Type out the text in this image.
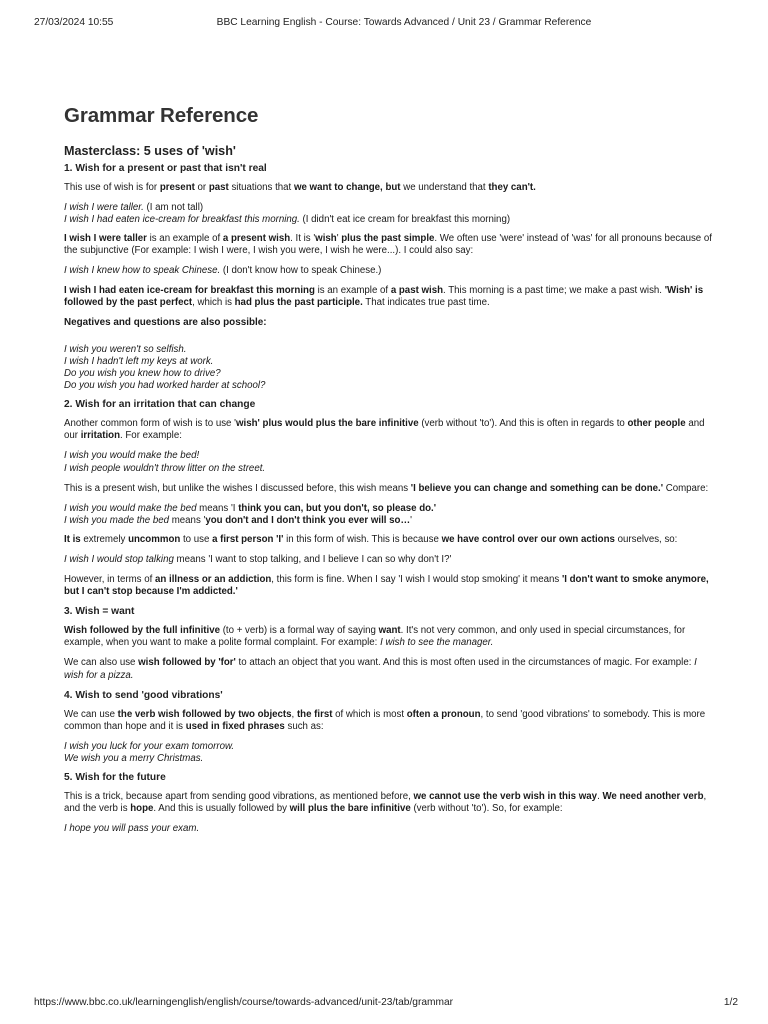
27/03/2024 10:55	BBC Learning English - Course: Towards Advanced / Unit 23 / Grammar Reference
Grammar Reference
Masterclass: 5 uses of 'wish'
1. Wish for a present or past that isn't real

This use of wish is for present or past situations that we want to change, but we understand that they can't.

I wish I were taller. (I am not tall)
I wish I had eaten ice-cream for breakfast this morning. (I didn't eat ice cream for breakfast this morning)

I wish I were taller is an example of a present wish. It is 'wish' plus the past simple. We often use 'were' instead of 'was' for all pronouns because of the subjunctive (For example: I wish I were, I wish you were, I wish he were...). I could also say:

I wish I knew how to speak Chinese. (I don't know how to speak Chinese.)

I wish I had eaten ice-cream for breakfast this morning is an example of a past wish. This morning is a past time; we make a past wish. 'Wish' is followed by the past perfect, which is had plus the past participle. That indicates true past time.

Negatives and questions are also possible:

I wish you weren't so selfish.
I wish I hadn't left my keys at work.
Do you wish you knew how to drive?
Do you wish you had worked harder at school?

2. Wish for an irritation that can change

Another common form of wish is to use 'wish' plus would plus the bare infinitive (verb without 'to'). And this is often in regards to other people and our irritation. For example:

I wish you would make the bed!
I wish people wouldn't throw litter on the street.

This is a present wish, but unlike the wishes I discussed before, this wish means 'I believe you can change and something can be done.' Compare:

I wish you would make the bed means 'I think you can, but you don't, so please do.'
I wish you made the bed means 'you don't and I don't think you ever will so…'

It is extremely uncommon to use a first person 'I' in this form of wish. This is because we have control over our own actions ourselves, so:

I wish I would stop talking means 'I want to stop talking, and I believe I can so why don't I?'

However, in terms of an illness or an addiction, this form is fine. When I say 'I wish I would stop smoking' it means 'I don't want to smoke anymore, but I can't stop because I'm addicted.'

3. Wish = want

Wish followed by the full infinitive (to + verb) is a formal way of saying want. It's not very common, and only used in special circumstances, for example, when you want to make a polite formal complaint. For example: I wish to see the manager.

We can also use wish followed by 'for' to attach an object that you want. And this is most often used in the circumstances of magic. For example: I wish for a pizza.

4. Wish to send 'good vibrations'

We can use the verb wish followed by two objects, the first of which is most often a pronoun, to send 'good vibrations' to somebody. This is more common than hope and it is used in fixed phrases such as:

I wish you luck for your exam tomorrow.
We wish you a merry Christmas.

5. Wish for the future

This is a trick, because apart from sending good vibrations, as mentioned before, we cannot use the verb wish in this way. We need another verb, and the verb is hope. And this is usually followed by will plus the bare infinitive (verb without 'to'). So, for example:

I hope you will pass your exam.

https://www.bbc.co.uk/learningenglish/english/course/towards-advanced/unit-23/tab/grammar	1/2
